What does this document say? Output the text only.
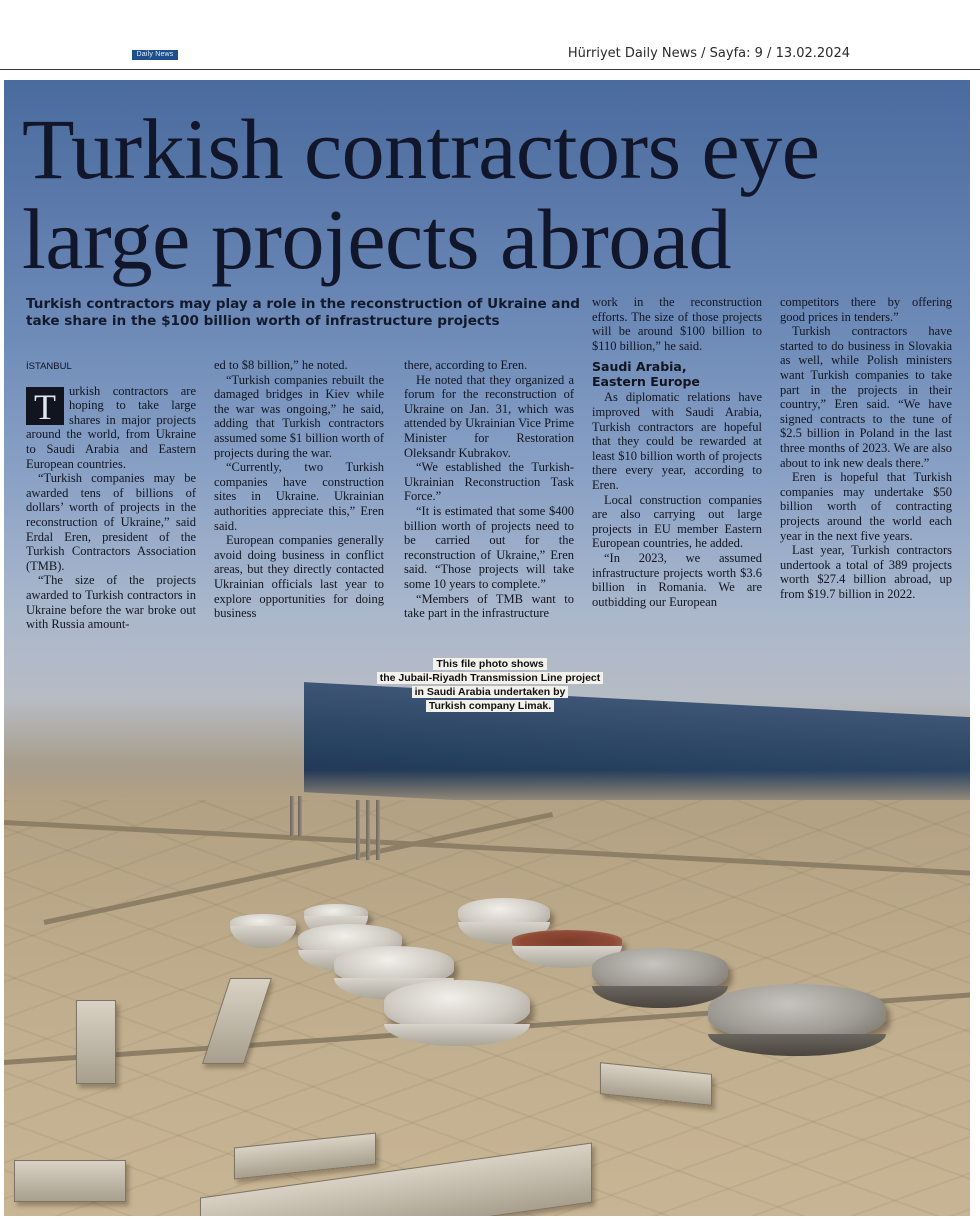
Daily News	Hürriyet Daily News / Sayfa: 9 / 13.02.2024
Turkish contractors eye
large projects abroad

Turkish contractors may play a role in the reconstruction of Ukraine and take share in the $100 billion worth of infrastructure projects

İSTANBUL
T	urkish contractors are hoping to take large shares in major projects around the world, from Ukraine to Saudi Arabia and Eastern European countries.

“Turkish companies may be awarded tens of billions of dollars’ worth of projects in the reconstruction of Ukraine,” said Erdal Eren, president of the Turkish Contractors Association (TMB).

“The size of the projects awarded to Turkish contractors in Ukraine before the war broke out with Russia amount-

ed to $8 billion,” he noted.

“Turkish companies rebuilt the damaged bridges in Kiev while the war was ongoing,” he said, adding that Turkish contractors assumed some $1 billion worth of projects during the war.

“Currently, two Turkish companies have construction sites in Ukraine. Ukrainian authorities appreciate this,” Eren said.

European companies generally avoid doing business in conflict areas, but they directly contacted Ukrainian officials last year to explore opportunities for doing business

there, according to Eren.

He noted that they organized a forum for the reconstruction of Ukraine on Jan. 31, which was attended by Ukrainian Vice Prime Minister for Restoration Oleksandr Kubrakov.

“We established the Turkish-Ukrainian Reconstruction Task Force.”

“It is estimated that some $400 billion worth of projects need to be carried out for the reconstruction of Ukraine,” Eren said. “Those projects will take some 10 years to complete.”

“Members of TMB want to take part in the infrastructure

work in the reconstruction efforts. The size of those projects will be around $100 billion to $110 billion,” he said.

Saudi Arabia,
Eastern Europe

As diplomatic relations have improved with Saudi Arabia, Turkish contractors are hopeful that they could be rewarded at least $10 billion worth of projects there every year, according to Eren.

Local construction companies are also carrying out large projects in EU member Eastern European countries, he added.

“In 2023, we assumed infrastructure projects worth $3.6 billion in Romania. We are outbidding our European

competitors there by offering good prices in tenders.”

Turkish contractors have started to do business in Slovakia as well, while Polish ministers want Turkish companies to take part in the projects in their country,” Eren said. “We have signed contracts to the tune of $2.5 billion in Poland in the last three months of 2023. We are also about to ink new deals there.”

Eren is hopeful that Turkish companies may undertake $50 billion worth of contracting projects around the world each year in the next five years.

Last year, Turkish contractors undertook a total of 389 projects worth $27.4 billion abroad, up from $19.7 billion in 2022.

This file photo shows
the Jubail-Riyadh Transmission Line project
in Saudi Arabia undertaken by
Turkish company Limak.
